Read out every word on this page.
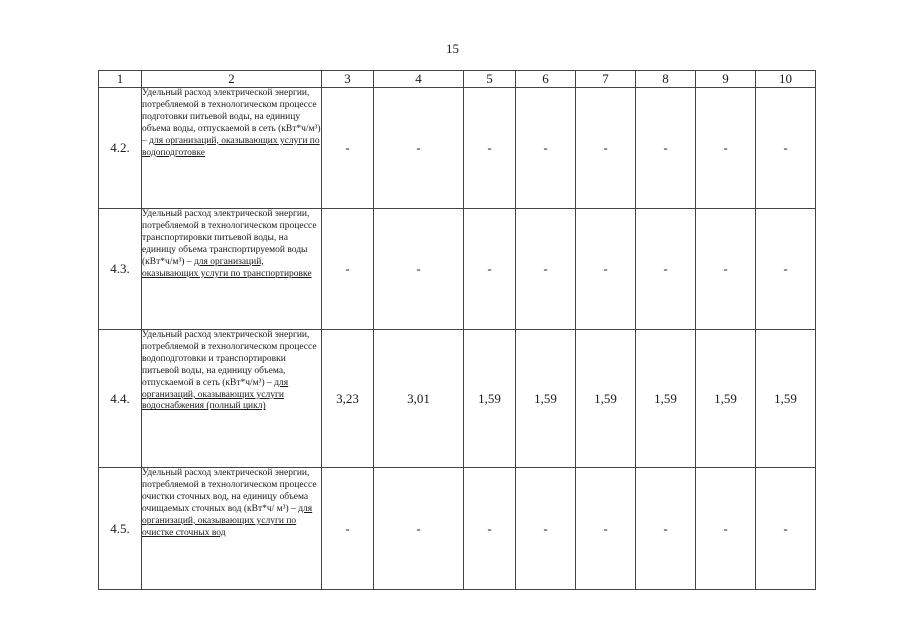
15
1	2	3	4	5	6	7	8	9	10
4.2.	Удельный расход электрической энергии, потребляемой в технологическом процессе подготовки питьевой воды, на единицу объема воды, отпускаемой в сеть (кВт*ч/м³) – для организаций, оказывающих услуги по водоподготовке	-	-	-	-	-	-	-	-
4.3.	Удельный расход электрической энергии, потребляемой в технологическом процессе транспортировки питьевой воды, на единицу объема транспортируемой воды (кВт*ч/м³) – для организаций, оказывающих услуги по транспортировке	-	-	-	-	-	-	-	-
4.4.	Удельный расход электрической энергии, потребляемой в технологическом процессе водоподготовки и транспортировки питьевой воды, на единицу объема, отпускаемой в сеть (кВт*ч/м³) – для организаций, оказывающих услуги водоснабжения (полный цикл)	3,23	3,01	1,59	1,59	1,59	1,59	1,59	1,59
4.5.	Удельный расход электрической энергии, потребляемой в технологическом процессе очистки сточных вод, на единицу объема очищаемых сточных вод (кВт*ч/ м³) – для организаций, оказывающих услуги по очистке сточных вод	-	-	-	-	-	-	-	-
